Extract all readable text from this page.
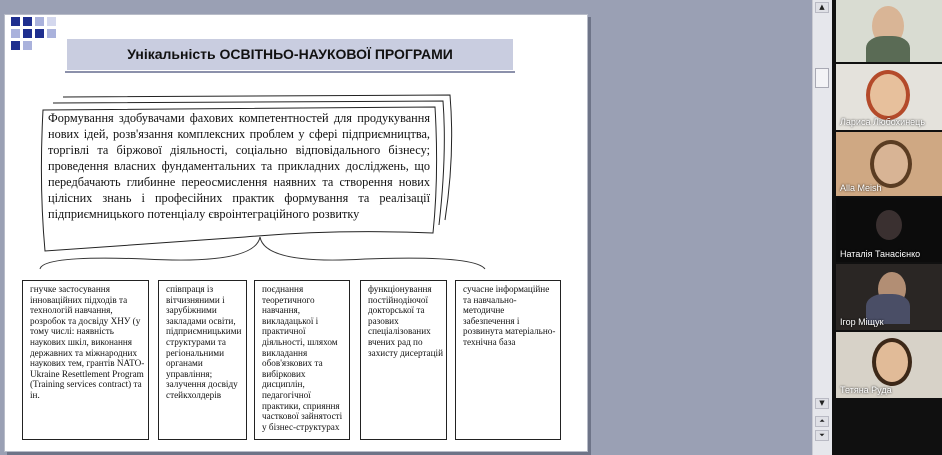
Унікальність ОСВІТНЬО-НАУКОВОЇ ПРОГРАМИ
Формування здобувачами фахових компетентностей для продукування нових ідей, розв'язання комплексних проблем у сфері підприємництва, торгівлі та біржової діяльності, соціально відповідального бізнесу; проведення власних фундаментальних та прикладних досліджень, що передбачають глибинне переосмислення наявних та створення нових цілісних знань і професійних практик формування та реалізації підприємницького потенціалу євроінтеграційного розвитку
гнучке застосування інноваційних підходів та технологій навчання, розробок та досвіду ХНУ (у тому числі: наявність наукових шкіл, виконання державних та міжнародних наукових тем, грантів NATO-Ukraine Resettlement Program (Training services contract) та ін.
співпраця із вітчизняними і зарубіжними закладами освіти, підприємницькими структурами та регіональними органами управління; залучення досвіду стейкхолдерів
поєднання теоретичного навчання, викладацької і практичної діяльності, шляхом викладання обов'язкових та вибіркових дисциплін, педагогічної практики, сприяння часткової зайнятості у бізнес-структурах
функціонування постійнодіючої докторської та разових спеціалізованих вчених рад по захисту дисертацій
сучасне інформаційне та навчально-методичне забезпечення і розвинута матеріально-технічна база
▲
▼
⏶
⏷
Лариса Любохинець
Alla Meish
Наталія Танасієнко
Ігор Міщук
Тетяна Руда
